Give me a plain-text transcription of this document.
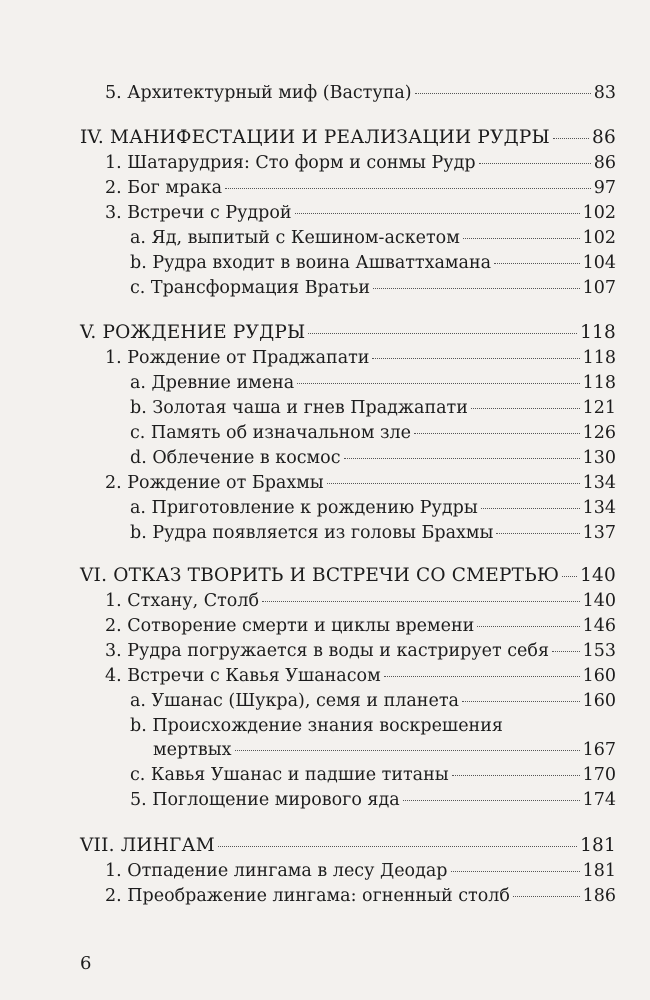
5. Архитектурный миф (Ваступа)	83
IV. МАНИФЕСТАЦИИ И РЕАЛИЗАЦИИ РУДРЫ 86
1. Шатарудрия: Сто форм и сонмы Рудр	86
2. Бог мрака	97
3. Встречи с Рудрой	102
a. Яд, выпитый с Кешином-аскетом	102
b. Рудра входит в воина Ашваттхамана	104
c. Трансформация Вратьи	107
V. РОЖДЕНИЕ РУДРЫ	118
1. Рождение от Праджапати	118
a. Древние имена	118
b. Золотая чаша и гнев Праджапати	121
c. Память об изначальном зле	126
d. Облечение в космос	130
2. Рождение от Брахмы	134
a. Приготовление к рождению Рудры	134
b. Рудра появляется из головы Брахмы	137
VI. ОТКАЗ ТВОРИТЬ И ВСТРЕЧИ СО СМЕРТЬЮ 140
1. Стхану, Столб	140
2. Сотворение смерти и циклы времени	146
3. Рудра погружается в воды и кастрирует себя 153
4. Встречи с Кавья Ушанасом	160
a. Ушанас (Шукра), семя и планета	160
b. Происхождение знания воскрешения
мертвых	167
c. Кавья Ушанас и падшие титаны	170
5. Поглощение мирового яда	174
VII. ЛИНГАМ	181
1. Отпадение лингама в лесу Деодар	181
2. Преображение лингама: огненный столб	186
6
